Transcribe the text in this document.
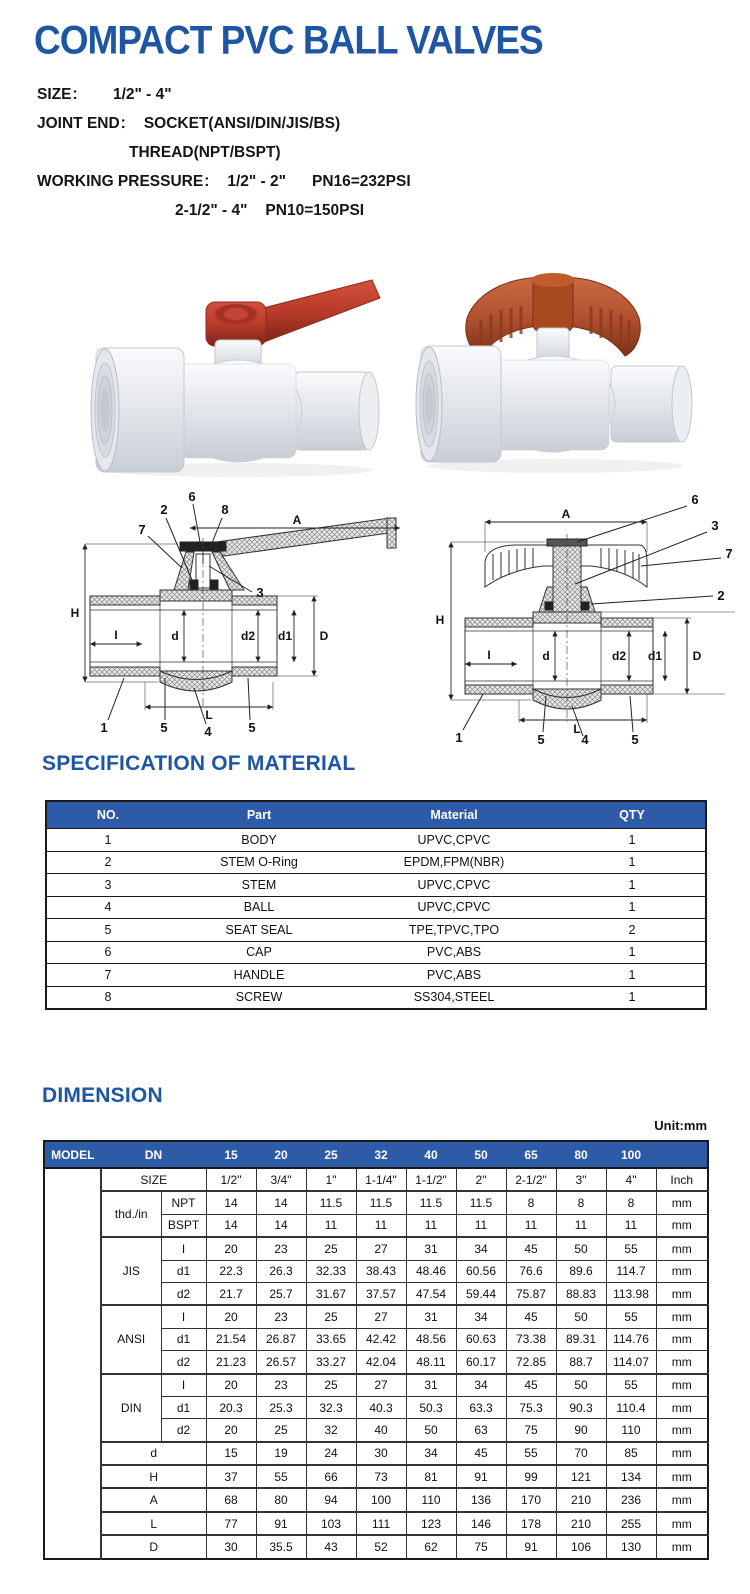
COMPACT PVC BALL VALVES
SIZE： 1/2" - 4"
JOINT END： SOCKET(ANSI/DIN/JIS/BS)
THREAD(NPT/BSPT)
WORKING PRESSURE： 1/2" - 2" PN16=232PSI
2-1/2" - 4" PN10=150PSI
7
2
6
8
3
1	5	4	5
H
A
D
d1
d2
d
I
L
6
3
7
2
1	5	4	5
A
H
D
d1
d2
d
I
L
SPECIFICATION OF MATERIAL
NO.	Part	Material	QTY
1	BODY	UPVC,CPVC	1
2	STEM O-Ring	EPDM,FPM(NBR)	1
3	STEM	UPVC,CPVC	1
4	BALL	UPVC,CPVC	1
5	SEAT SEAL	TPE,TPVC,TPO	2
6	CAP	PVC,ABS	1
7	HANDLE	PVC,ABS	1
8	SCREW	SS304,STEEL	1
DIMENSION
Unit:mm
MODEL	DN		15	20	25	32	40	50	65	80	100	
	SIZE		1/2"	3/4"	1"	1-1/4"	1-1/2"	2"	2-1/2"	3"	4"	Inch
	thd./in	NPT	14	14	11.5	11.5	11.5	11.5	8	8	8	mm
		BSPT	14	14	11	11	11	11	11	11	11	mm
	JIS	I	20	23	25	27	31	34	45	50	55	mm
		d1	22.3	26.3	32.33	38.43	48.46	60.56	76.6	89.6	114.7	mm
		d2	21.7	25.7	31.67	37.57	47.54	59.44	75.87	88.83	113.98	mm
	ANSI	I	20	23	25	27	31	34	45	50	55	mm
		d1	21.54	26.87	33.65	42.42	48.56	60.63	73.38	89.31	114.76	mm
		d2	21.23	26.57	33.27	42.04	48.11	60.17	72.85	88.7	114.07	mm
	DIN	I	20	23	25	27	31	34	45	50	55	mm
		d1	20.3	25.3	32.3	40.3	50.3	63.3	75.3	90.3	110.4	mm
		d2	20	25	32	40	50	63	75	90	110	mm
	d		15	19	24	30	34	45	55	70	85	mm
	H		37	55	66	73	81	91	99	121	134	mm
	A		68	80	94	100	110	136	170	210	236	mm
	L		77	91	103	111	123	146	178	210	255	mm
	D		30	35.5	43	52	62	75	91	106	130	mm
